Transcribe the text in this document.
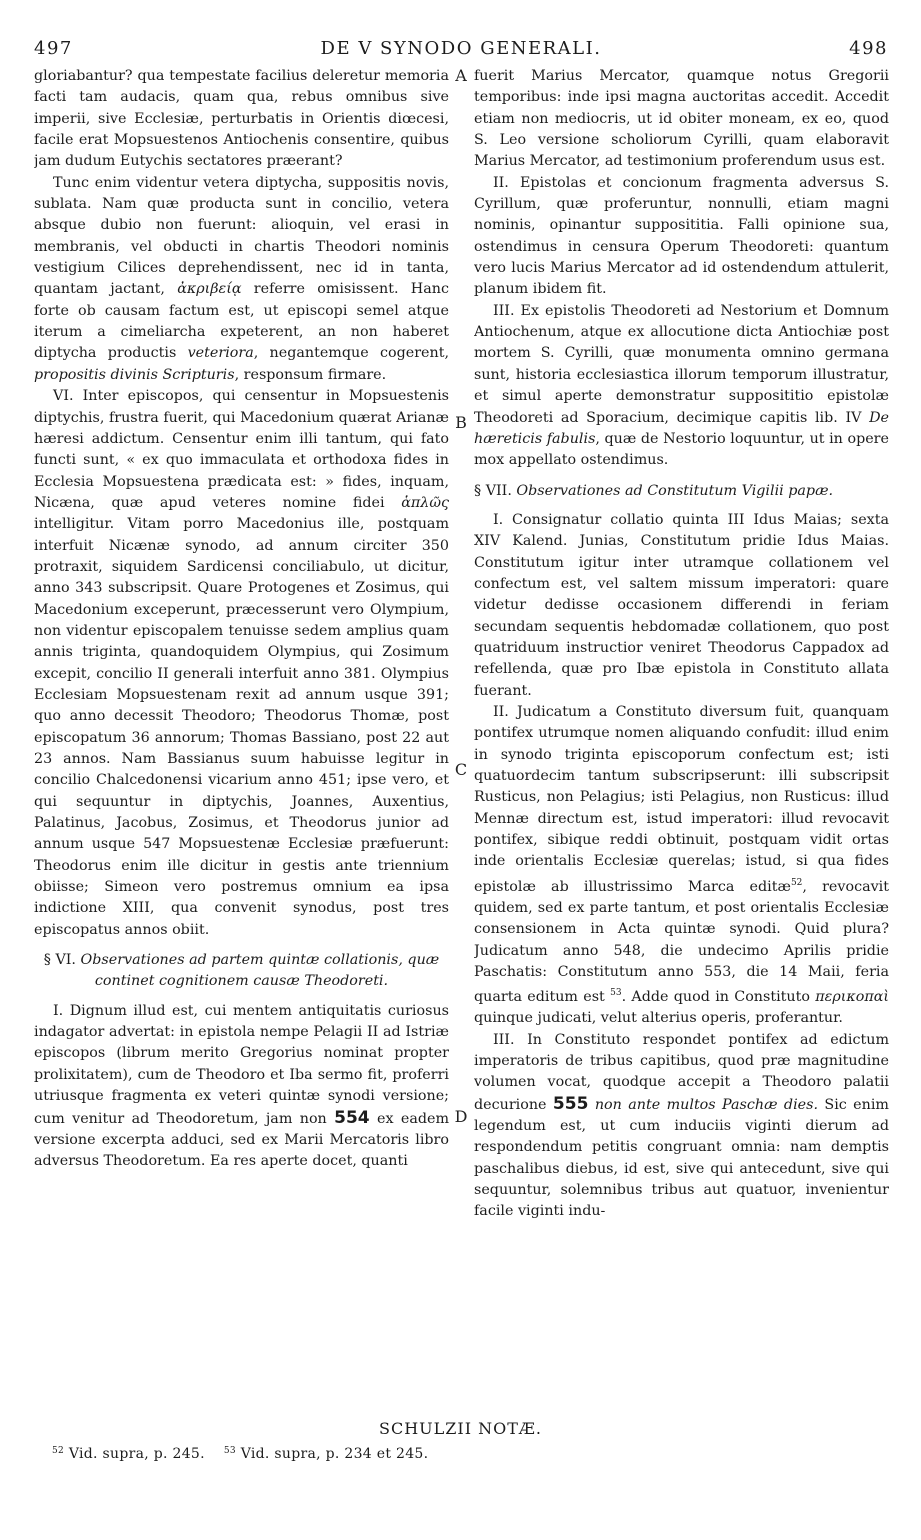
497	DE V SYNODO GENERALI.	498

gloriabantur? qua tempestate facilius deleretur memoria facti tam audacis, quam qua, rebus omnibus sive imperii, sive Ecclesiæ, perturbatis in Orientis diœcesi, facile erat Mopsuestenos Antiochenis consentire, quibus jam dudum Eutychis sectatores præerant?

Tunc enim videntur vetera diptycha, suppositis novis, sublata. Nam quæ producta sunt in concilio, vetera absque dubio non fuerunt: alioquin, vel erasi in membranis, vel obducti in chartis Theodori nominis vestigium Cilices deprehendissent, nec id in tanta, quantam jactant, ἀκριβείᾳ referre omisissent. Hanc forte ob causam factum est, ut episcopi semel atque iterum a cimeliarcha expeterent, an non haberet diptycha productis veteriora, negantemque cogerent, propositis divinis Scripturis, responsum firmare.

VI. Inter episcopos, qui censentur in Mopsuestenis diptychis, frustra fuerit, qui Macedonium quærat Arianæ hæresi addictum. Censentur enim illi tantum, qui fato functi sunt, « ex quo immaculata et orthodoxa fides in Ecclesia Mopsuestena prædicata est: » fides, inquam, Nicæna, quæ apud veteres nomine fidei ἁπλῶς intelligitur. Vitam porro Macedonius ille, postquam interfuit Nicænæ synodo, ad annum circiter 350 protraxit, siquidem Sardicensi conciliabulo, ut dicitur, anno 343 subscripsit. Quare Protogenes et Zosimus, qui Macedonium exceperunt, præcesserunt vero Olympium, non videntur episcopalem tenuisse sedem amplius quam annis triginta, quandoquidem Olympius, qui Zosimum excepit, concilio II generali interfuit anno 381. Olympius Ecclesiam Mopsuestenam rexit ad annum usque 391; quo anno decessit Theodoro; Theodorus Thomæ, post episcopatum 36 annorum; Thomas Bassiano, post 22 aut 23 annos. Nam Bassianus suum habuisse legitur in concilio Chalcedonensi vicarium anno 451; ipse vero, et qui sequuntur in diptychis, Joannes, Auxentius, Palatinus, Jacobus, Zosimus, et Theodorus junior ad annum usque 547 Mopsuestenæ Ecclesiæ præfuerunt: Theodorus enim ille dicitur in gestis ante triennium obiisse; Simeon vero postremus omnium ea ipsa indictione XIII, qua convenit synodus, post tres episcopatus annos obiit.

§ VI. Observationes ad partem quintæ collationis, quæ continet cognitionem causæ Theodoreti.

I. Dignum illud est, cui mentem antiquitatis curiosus indagator advertat: in epistola nempe Pelagii II ad Istriæ episcopos (librum merito Gregorius nominat propter prolixitatem), cum de Theodoro et Iba sermo fit, proferri utriusque fragmenta ex veteri quintæ synodi versione; cum venitur ad Theodoretum, jam non 554 ex eadem versione excerpta adduci, sed ex Marii Mercatoris libro adversus Theodoretum. Ea res aperte docet, quanti

A
B
C
D

fuerit Marius Mercator, quamque notus Gregorii temporibus: inde ipsi magna auctoritas accedit. Accedit etiam non mediocris, ut id obiter moneam, ex eo, quod S. Leo versione scholiorum Cyrilli, quam elaboravit Marius Mercator, ad testimonium proferendum usus est.

II. Epistolas et concionum fragmenta adversus S. Cyrillum, quæ proferuntur, nonnulli, etiam magni nominis, opinantur supposititia. Falli opinione sua, ostendimus in censura Operum Theodoreti: quantum vero lucis Marius Mercator ad id ostendendum attulerit, planum ibidem fit.

III. Ex epistolis Theodoreti ad Nestorium et Domnum Antiochenum, atque ex allocutione dicta Antiochiæ post mortem S. Cyrilli, quæ monumenta omnino germana sunt, historia ecclesiastica illorum temporum illustratur, et simul aperte demonstratur supposititio epistolæ Theodoreti ad Sporacium, decimique capitis lib. IV De hæreticis fabulis, quæ de Nestorio loquuntur, ut in opere mox appellato ostendimus.

§ VII. Observationes ad Constitutum Vigilii papæ.

I. Consignatur collatio quinta III Idus Maias; sexta XIV Kalend. Junias, Constitutum pridie Idus Maias. Constitutum igitur inter utramque collationem vel confectum est, vel saltem missum imperatori: quare videtur dedisse occasionem differendi in feriam secundam sequentis hebdomadæ collationem, quo post quatriduum instructior veniret Theodorus Cappadox ad refellenda, quæ pro Ibæ epistola in Constituto allata fuerant.

II. Judicatum a Constituto diversum fuit, quanquam pontifex utrumque nomen aliquando confudit: illud enim in synodo triginta episcoporum confectum est; isti quatuordecim tantum subscripserunt: illi subscripsit Rusticus, non Pelagius; isti Pelagius, non Rusticus: illud Mennæ directum est, istud imperatori: illud revocavit pontifex, sibique reddi obtinuit, postquam vidit ortas inde orientalis Ecclesiæ querelas; istud, si qua fides epistolæ ab illustrissimo Marca editæ$^{52}$, revocavit quidem, sed ex parte tantum, et post orientalis Ecclesiæ consensionem in Acta quintæ synodi. Quid plura? Judicatum anno 548, die undecimo Aprilis pridie Paschatis: Constitutum anno 553, die 14 Maii, feria quarta editum est $^{53}$. Adde quod in Constituto περικοπαὶ quinque judicati, velut alterius operis, proferantur.

III. In Constituto respondet pontifex ad edictum imperatoris de tribus capitibus, quod præ magnitudine volumen vocat, quodque accepit a Theodoro palatii decurione 555 non ante multos Paschæ dies. Sic enim legendum est, ut cum induciis viginti dierum ad respondendum petitis congruant omnia: nam demptis paschalibus diebus, id est, sive qui antecedunt, sive qui sequuntur, solemnibus tribus aut quatuor, invenientur facile viginti indu-

SCHULZII NOTÆ.
$^{52}$ Vid. supra, p. 245. $^{53}$ Vid. supra, p. 234 et 245.
